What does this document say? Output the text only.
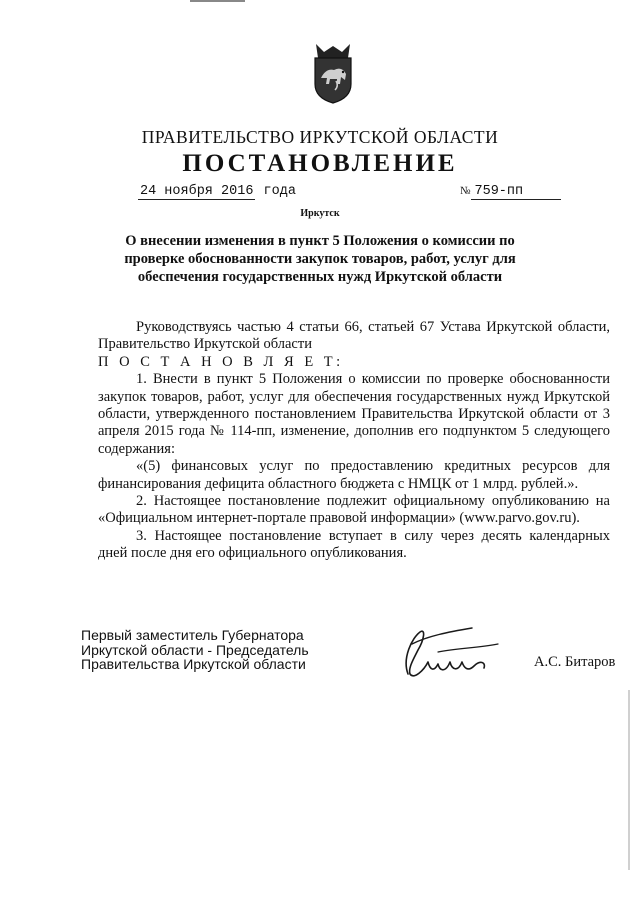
ПРАВИТЕЛЬСТВО ИРКУТСКОЙ ОБЛАСТИ
ПОСТАНОВЛЕНИЕ
24 ноября 2016 года	№ 759-пп
Иркутск
О внесении изменения в пункт 5 Положения о комиссии по проверке обоснованности закупок товаров, работ, услуг для обеспечения государственных нужд Иркутской области

Руководствуясь частью 4 статьи 66, статьей 67 Устава Иркутской области, Правительство Иркутской области

П О С Т А Н О В Л Я Е Т:

1. Внести в пункт 5 Положения о комиссии по проверке обоснованности закупок товаров, работ, услуг для обеспечения государственных нужд Иркутской области, утвержденного постановлением Правительства Иркутской области от 3 апреля 2015 года № 114-пп, изменение, дополнив его подпунктом 5 следующего содержания:

«(5) финансовых услуг по предоставлению кредитных ресурсов для финансирования дефицита областного бюджета с НМЦК от 1 млрд. рублей.».

2. Настоящее постановление подлежит официальному опубликованию на «Официальном интернет-портале правовой информации» (www.parvo.gov.ru).

3. Настоящее постановление вступает в силу через десять календарных дней после дня его официального опубликования.

Первый заместитель Губернатора
Иркутской области - Председатель
Правительства Иркутской области	А.С. Битаров
